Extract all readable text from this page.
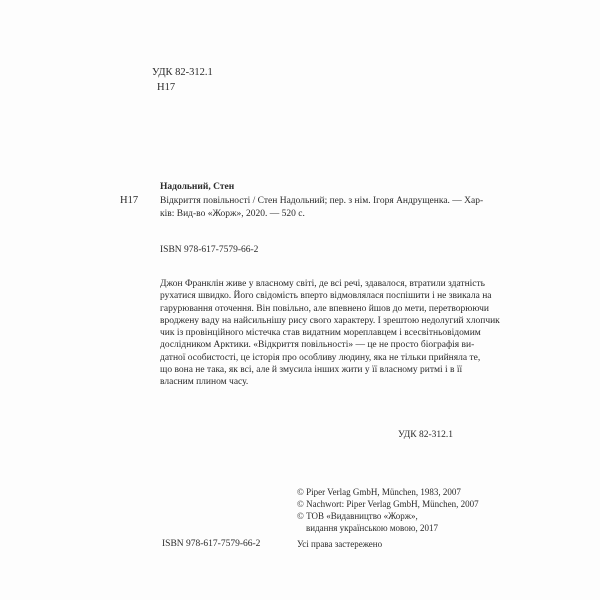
УДК 82-312.1
Н17
Н17
Надольний, Стен
Відкриття повільності / Стен Надольний; пер. з нім. Ігоря Андрущенка. — Хар-
ків: Вид-во «Жорж», 2020. — 520 с.
ISBN 978-617-7579-66-2
Джон Франклін живе у власному світі, де всі речі, здавалося, втратили здатність
рухатися швидко. Його свідомість вперто відмовлялася поспішити і не звикала на
гарурювання оточення. Він повільно, але впевнено йшов до мети, перетворюючи
вроджену ваду на найсильнішу рису свого характеру. І зрештою недолугий хлопчик
чик із провінційного містечка став видатним мореплавцем і всесвітньовідомим
дослідником Арктики. «Відкриття повільності» — це не просто біографія ви-
датної особистості, це історія про особливу людину, яка не тільки прийняла те,
що вона не така, як всі, але й змусила інших жити у її власному ритмі і в її
власним плином часу.
УДК 82-312.1
© Piper Verlag GmbH, München, 1983, 2007
© Nachwort: Piper Verlag GmbH, München, 2007
© ТОВ «Видавництво «Жорж»,
видання українською мовою, 2017
ISBN 978-617-7579-66-2	Усі права застережено
